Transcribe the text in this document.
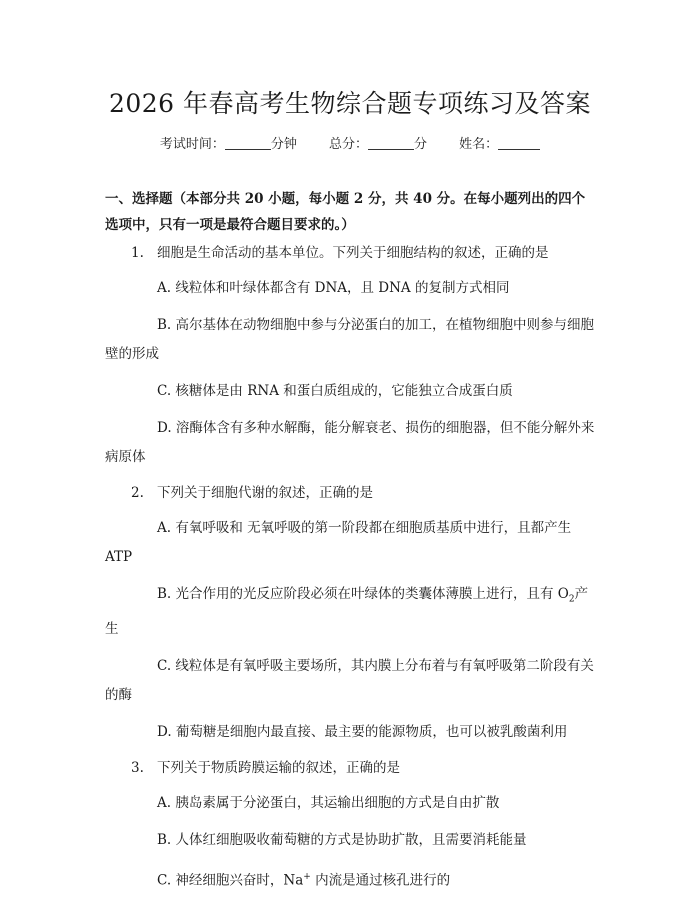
2026 年春高考生物综合题专项练习及答案
考试时间：	分钟 总分：	分 姓名：
一、选择题（本部分共 20 小题，每小题 2 分，共 40 分。在每小题列出的四个选项中，只有一项是最符合题目要求的。）
1. 细胞是生命活动的基本单位。下列关于细胞结构的叙述，正确的是
A. 线粒体和叶绿体都含有 DNA，且 DNA 的复制方式相同
B. 高尔基体在动物细胞中参与分泌蛋白的加工，在植物细胞中则参与细胞壁的形成
C. 核糖体是由 RNA 和蛋白质组成的，它能独立合成蛋白质
D. 溶酶体含有多种水解酶，能分解衰老、损伤的细胞器，但不能分解外来病原体
2. 下列关于细胞代谢的叙述，正确的是
A. 有氧呼吸和 无氧呼吸的第一阶段都在细胞质基质中进行，且都产生 ATP
B. 光合作用的光反应阶段必须在叶绿体的类囊体薄膜上进行，且有 $O_2$产生
C. 线粒体是有氧呼吸主要场所，其内膜上分布着与有氧呼吸第二阶段有关的酶
D. 葡萄糖是细胞内最直接、最主要的能源物质，也可以被乳酸菌利用
3. 下列关于物质跨膜运输的叙述，正确的是
A. 胰岛素属于分泌蛋白，其运输出细胞的方式是自由扩散
B. 人体红细胞吸收葡萄糖的方式是协助扩散，且需要消耗能量
C. 神经细胞兴奋时，Na+ 内流是通过核孔进行的
